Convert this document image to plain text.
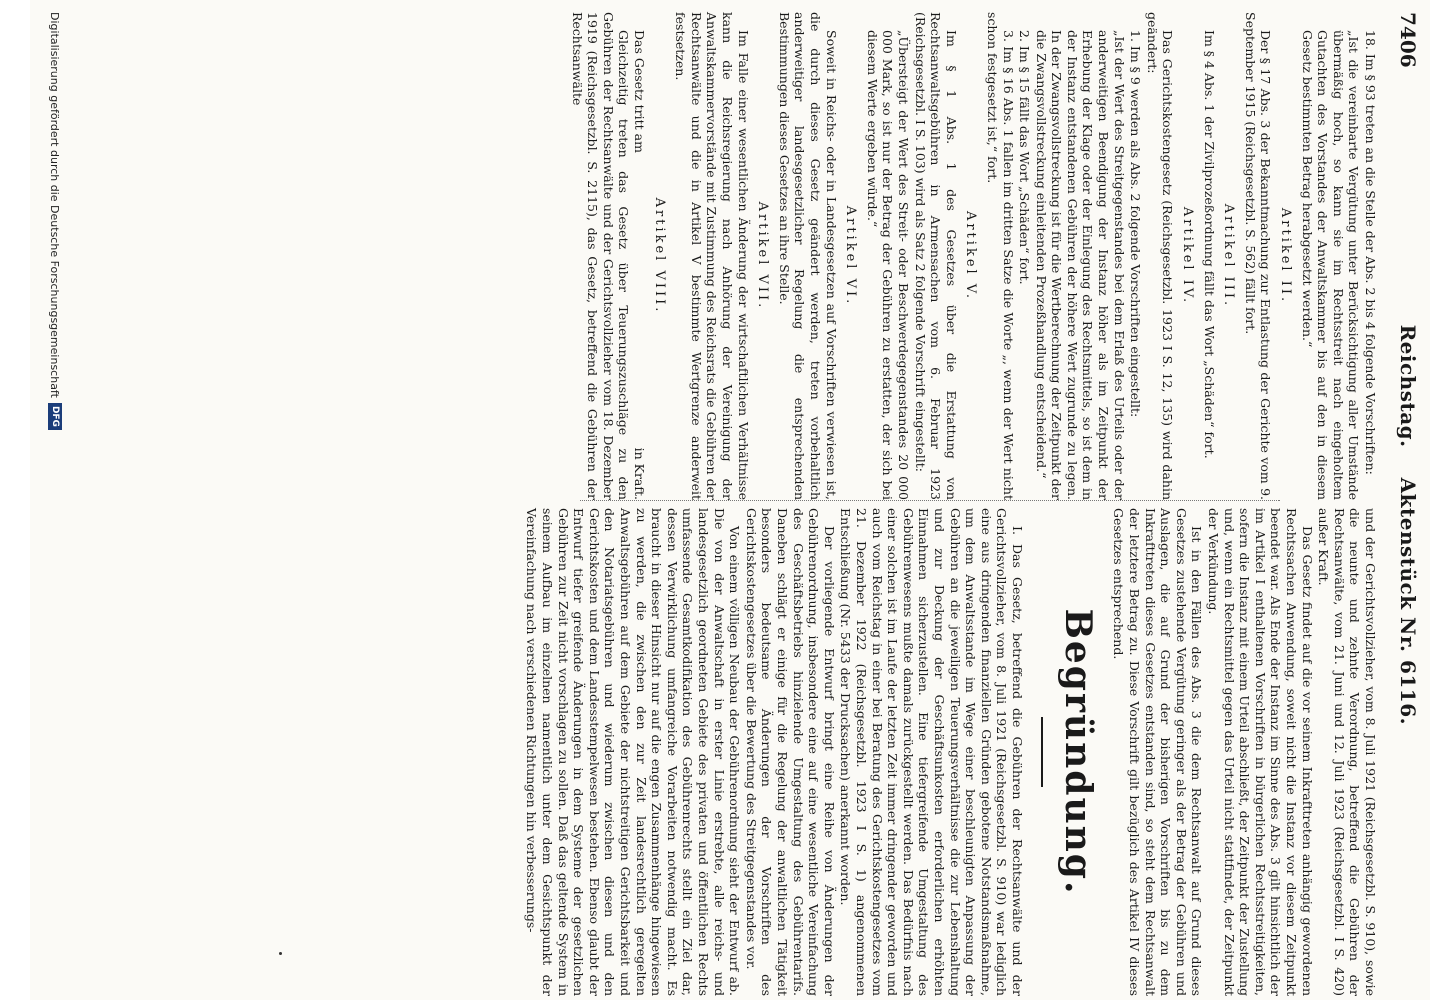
7406
Reichstag.Aktenstück Nr. 6116.

18. Im § 93 treten an die Stelle der Abs. 2 bis 4 folgende Vorschriften:

„Ist die vereinbarte Vergütung unter Berücksichtigung aller Umstände übermäßig hoch, so kann sie im Rechtsstreit nach eingeholtem Gutachten des Vorstandes der Anwaltskammer bis auf den in diesem Gesetz bestimmten Betrag herabgesetzt werden.“

Artikel II.

Der § 17 Abs. 3 der Bekanntmachung zur Entlastung der Gerichte vom 9. September 1915 (Reichsgesetzbl. S. 562) fällt fort.

Artikel III.

Im § 4 Abs. 1 der Zivilprozeßordnung fällt das Wort „Schäden“ fort.

Artikel IV.

Das Gerichtskostengesetz (Reichsgesetzbl. 1923 I S. 12, 135) wird dahin geändert:

1. Im § 9 werden als Abs. 2 folgende Vorschriften eingestellt:

„Ist der Wert des Streitgegenstandes bei dem Erlaß des Urteils oder der anderweitigen Beendigung der Instanz höher als im Zeitpunkt der Erhebung der Klage oder der Einlegung des Rechtsmittels, so ist dem in der Instanz entstandenen Gebühren der höhere Wert zugrunde zu legen. In der Zwangsvollstreckung ist für die Wertberechnung der Zeitpunkt der die Zwangsvollstreckung einleitenden Prozeßhandlung entscheidend.“

2. Im § 15 fällt das Wort „Schäden“ fort.

3. Im § 16 Abs. 1 fallen im dritten Satze die Worte „, wenn der Wert nicht schon festgesetzt ist,“ fort.

Artikel V.

Im § 1 Abs. 1 des Gesetzes über die Erstattung von Rechtsanwaltsgebühren in Armensachen vom 6. Februar 1923 (Reichsgesetzbl. I S. 103) wird als Satz 2 folgende Vorschrift eingestellt:

„Übersteigt der Wert des Streit- oder Beschwerdegegenstandes 20 000 000 Mark, so ist nur der Betrag der Gebühren zu erstatten, der sich bei diesem Werte ergeben würde.“

Artikel VI.

Soweit in Reichs- oder in Landesgesetzen auf Vorschriften verwiesen ist, die durch dieses Gesetz geändert werden, treten vorbehaltlich anderweitiger landesgesetzlicher Regelung die entsprechenden Bestimmungen dieses Gesetzes an ihre Stelle.

Artikel VII.

Im Falle einer wesentlichen Änderung der wirtschaftlichen Verhältnisse kann die Reichsregierung nach Anhörung der Vereinigung der Anwaltskammervorstände mit Zustimmung des Reichsrats die Gebühren der Rechtsanwälte und die in Artikel V bestimmte Wertgrenze anderweit festsetzen.

Artikel VIII.
Das Gesetz tritt am
in Kraft.

Gleichzeitig treten das Gesetz über Teuerungszuschläge zu den Gebühren der Rechtsanwälte und der Gerichtsvollzieher vom 18. Dezember 1919 (Reichsgesetzbl. S. 2115), das Gesetz, betreffend die Gebühren der Rechtsanwälte

und der Gerichtsvollzieher, vom 8. Juli 1921 (Reichsgesetzbl. S. 910), sowie die neunte und zehnte Verordnung, betreffend die Gebühren der Rechtsanwälte, vom 21. Juni und 12. Juli 1923 (Reichsgesetzbl. I S. 420) außer Kraft.

Das Gesetz findet auf die vor seinem Inkrafttreten anhängig gewordenen Rechtssachen Anwendung, soweit nicht die Instanz vor diesem Zeitpunkt beendet war. Als Ende der Instanz im Sinne des Abs. 3 gilt hinsichtlich der im Artikel I enthaltenen Vorschriften in bürgerlichen Rechtsstreitigkeiten, sofern die Instanz mit einem Urteil abschließt, der Zeitpunkt der Zustellung und, wenn ein Rechtsmittel gegen das Urteil nicht stattfindet, der Zeitpunkt der Verkündung.

Ist in den Fällen des Abs. 3 die dem Rechtsanwalt auf Grund dieses Gesetzes zustehende Vergütung geringer als der Betrag der Gebühren und Auslagen, die auf Grund der bisherigen Vorschriften bis zu dem Inkrafttreten dieses Gesetzes entstanden sind, so steht dem Rechtsanwalt der letztere Betrag zu. Diese Vorschrift gilt bezüglich des Artikel IV dieses Gesetzes entsprechend.

Begründung.

I. Das Gesetz, betreffend die Gebühren der Rechtsanwälte und der Gerichtsvollzieher, vom 8. Juli 1921 (Reichsgesetzbl. S. 910) war lediglich eine aus dringenden finanziellen Gründen gebotene Notstandsmaßnahme, um dem Anwaltsstande im Wege einer beschleunigten Anpassung der Gebühren an die jeweiligen Teuerungsverhältnisse die zur Lebenshaltung und zur Deckung der Geschäftsunkosten erforderlichen erhöhten Einnahmen sicherzustellen. Eine tiefergreifende Umgestaltung des Gebührenwesens mußte damals zurückgestellt werden. Das Bedürfnis nach einer solchen ist im Laufe der letzten Zeit immer dringender geworden und auch vom Reichstag in einer bei Beratung des Gerichtskostengesetzes vom 21. Dezember 1922 (Reichsgesetzbl. 1923 I S. 1) angenommenen Entschließung (Nr. 5433 der Drucksachen) anerkannt worden.

Der vorliegende Entwurf bringt eine Reihe von Änderungen der Gebührenordnung, insbesondere eine auf eine wesentliche Vereinfachung des Geschäftsbetriebs hinzielende Umgestaltung des Gebührentarifs. Daneben schlägt er einige für die Regelung der anwaltlichen Tätigkeit besonders bedeutsame Änderungen der Vorschriften des Gerichtskostengesetzes über die Bewertung des Streitgegenstandes vor.

Von einem völligen Neubau der Gebührenordnung sieht der Entwurf ab. Die von der Anwaltschaft in erster Linie erstrebte, alle reichs- und landesgesetzlich geordneten Gebiete des privaten und öffentlichen Rechts umfassende Gesamtkodifikation des Gebührenrechts stellt ein Ziel dar, dessen Verwirklichung umfangreiche Vorarbeiten notwendig macht. Es braucht in dieser Hinsicht nur auf die engen Zusammenhänge hingewiesen zu werden, die zwischen den zur Zeit landesrechtlich geregelten Anwaltsgebühren auf dem Gebiete der nichtstreitigen Gerichtsbarkeit und den Notariatsgebühren und wiederum zwischen diesen und den Gerichtskosten und dem Landesstempelwesen bestehen. Ebenso glaubt der Entwurf tiefer greifende Änderungen in dem Systeme der gesetzlichen Gebühren zur Zeit nicht vorschlagen zu sollen. Daß das geltende System in seinem Aufbau im einzelnen namentlich unter dem Gesichtspunkt der Vereinfachung nach verschiedenen Richtungen hin verbesserungs-

Digitalisierung gefördert durch die Deutsche Forschungsgemeinschaft
DFG
